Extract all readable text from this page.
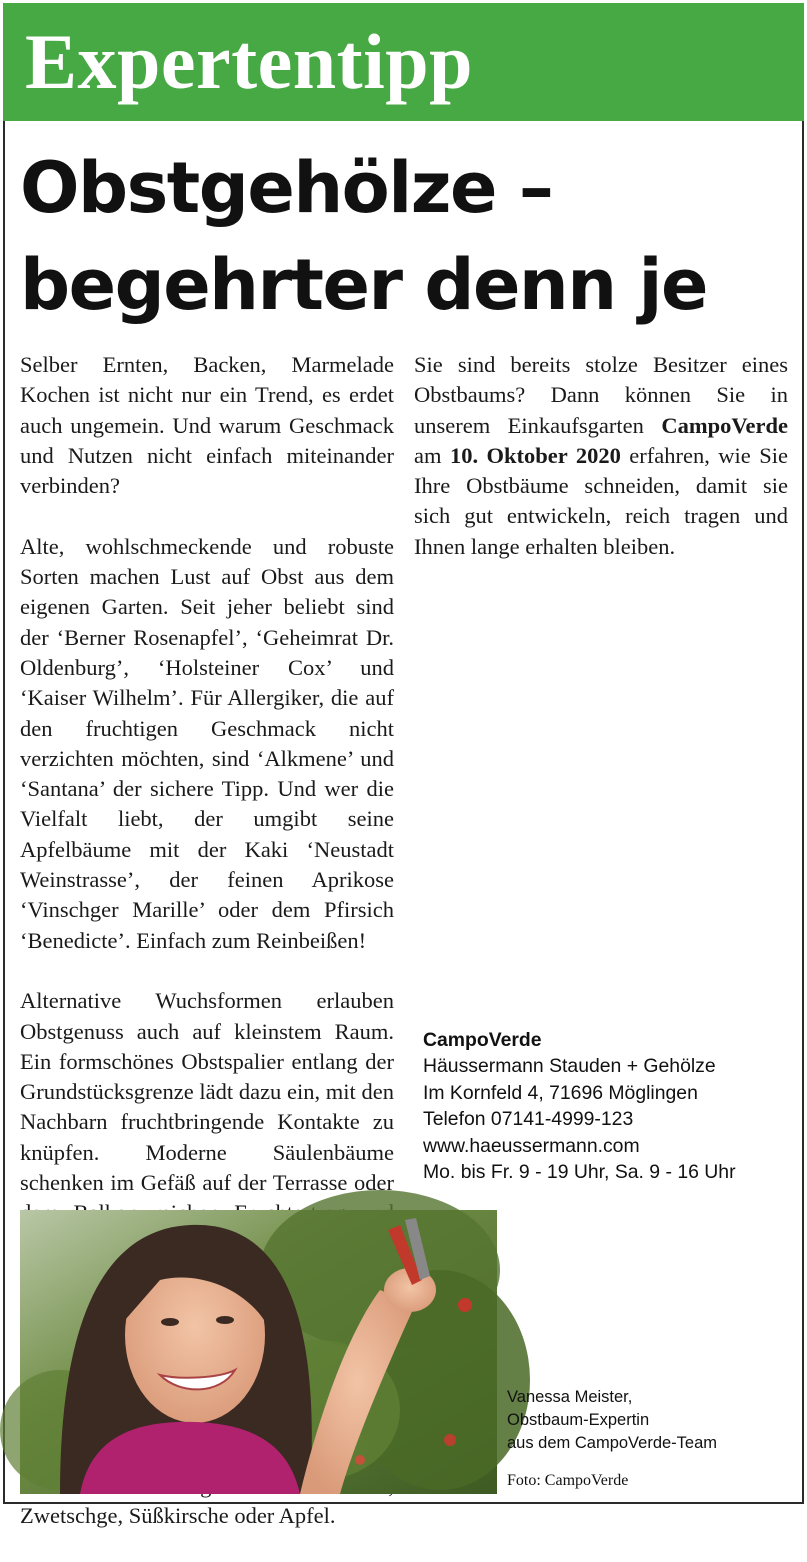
Expertentipp
Obstgehölze –
begehrter denn je

Selber Ernten, Backen, Marmelade Kochen ist nicht nur ein Trend, es erdet auch ungemein. Und warum Geschmack und Nutzen nicht einfach miteinander verbinden?

Alte, wohlschmeckende und robuste Sorten machen Lust auf Obst aus dem eigenen Garten. Seit jeher beliebt sind der ‘Berner Rosenapfel’, ‘Geheimrat Dr. Oldenburg’, ‘Holsteiner Cox’ und ‘Kaiser Wilhelm’. Für Allergiker, die auf den fruchtigen Geschmack nicht verzichten möchten, sind ‘Alkmene’ und ‘Santana’ der sichere Tipp. Und wer die Vielfalt liebt, der umgibt seine Apfelbäume mit der Kaki ‘Neustadt Weinstrasse’, der feinen Aprikose ‘Vinschger Marille’ oder dem Pfirsich ‘Benedicte’. Einfach zum Reinbeißen!

Alternative Wuchsformen erlauben Obstgenuss auch auf kleinstem Raum. Ein formschönes Obstspalier entlang der Grundstücksgrenze lädt dazu ein, mit den Nachbarn fruchtbringende Kontakte zu knüpfen. Moderne Säulenbäume schenken im Gefäß auf der Terrasse oder Zwetschge, Süßkirsche oder Apfel.

Sie sind bereits stolze Besitzer eines Obstbaums? Dann können Sie in unserem Einkaufsgarten CampoVerde am 10. Oktober 2020 erfahren, wie Sie Ihre Obstbäume schneiden, damit sie sich gut entwickeln, reich tragen und Ihnen lange erhalten bleiben.

CampoVerde
Häussermann Stauden + Gehölze
Im Kornfeld 4, 71696 Möglingen
Telefon 07141-4999-123
www.haeussermann.com
Mo. bis Fr. 9 - 19 Uhr, Sa. 9 - 16 Uhr
Vanessa Meister,
Obstbaum-Expertin
aus dem CampoVerde-Team
Foto: CampoVerde
